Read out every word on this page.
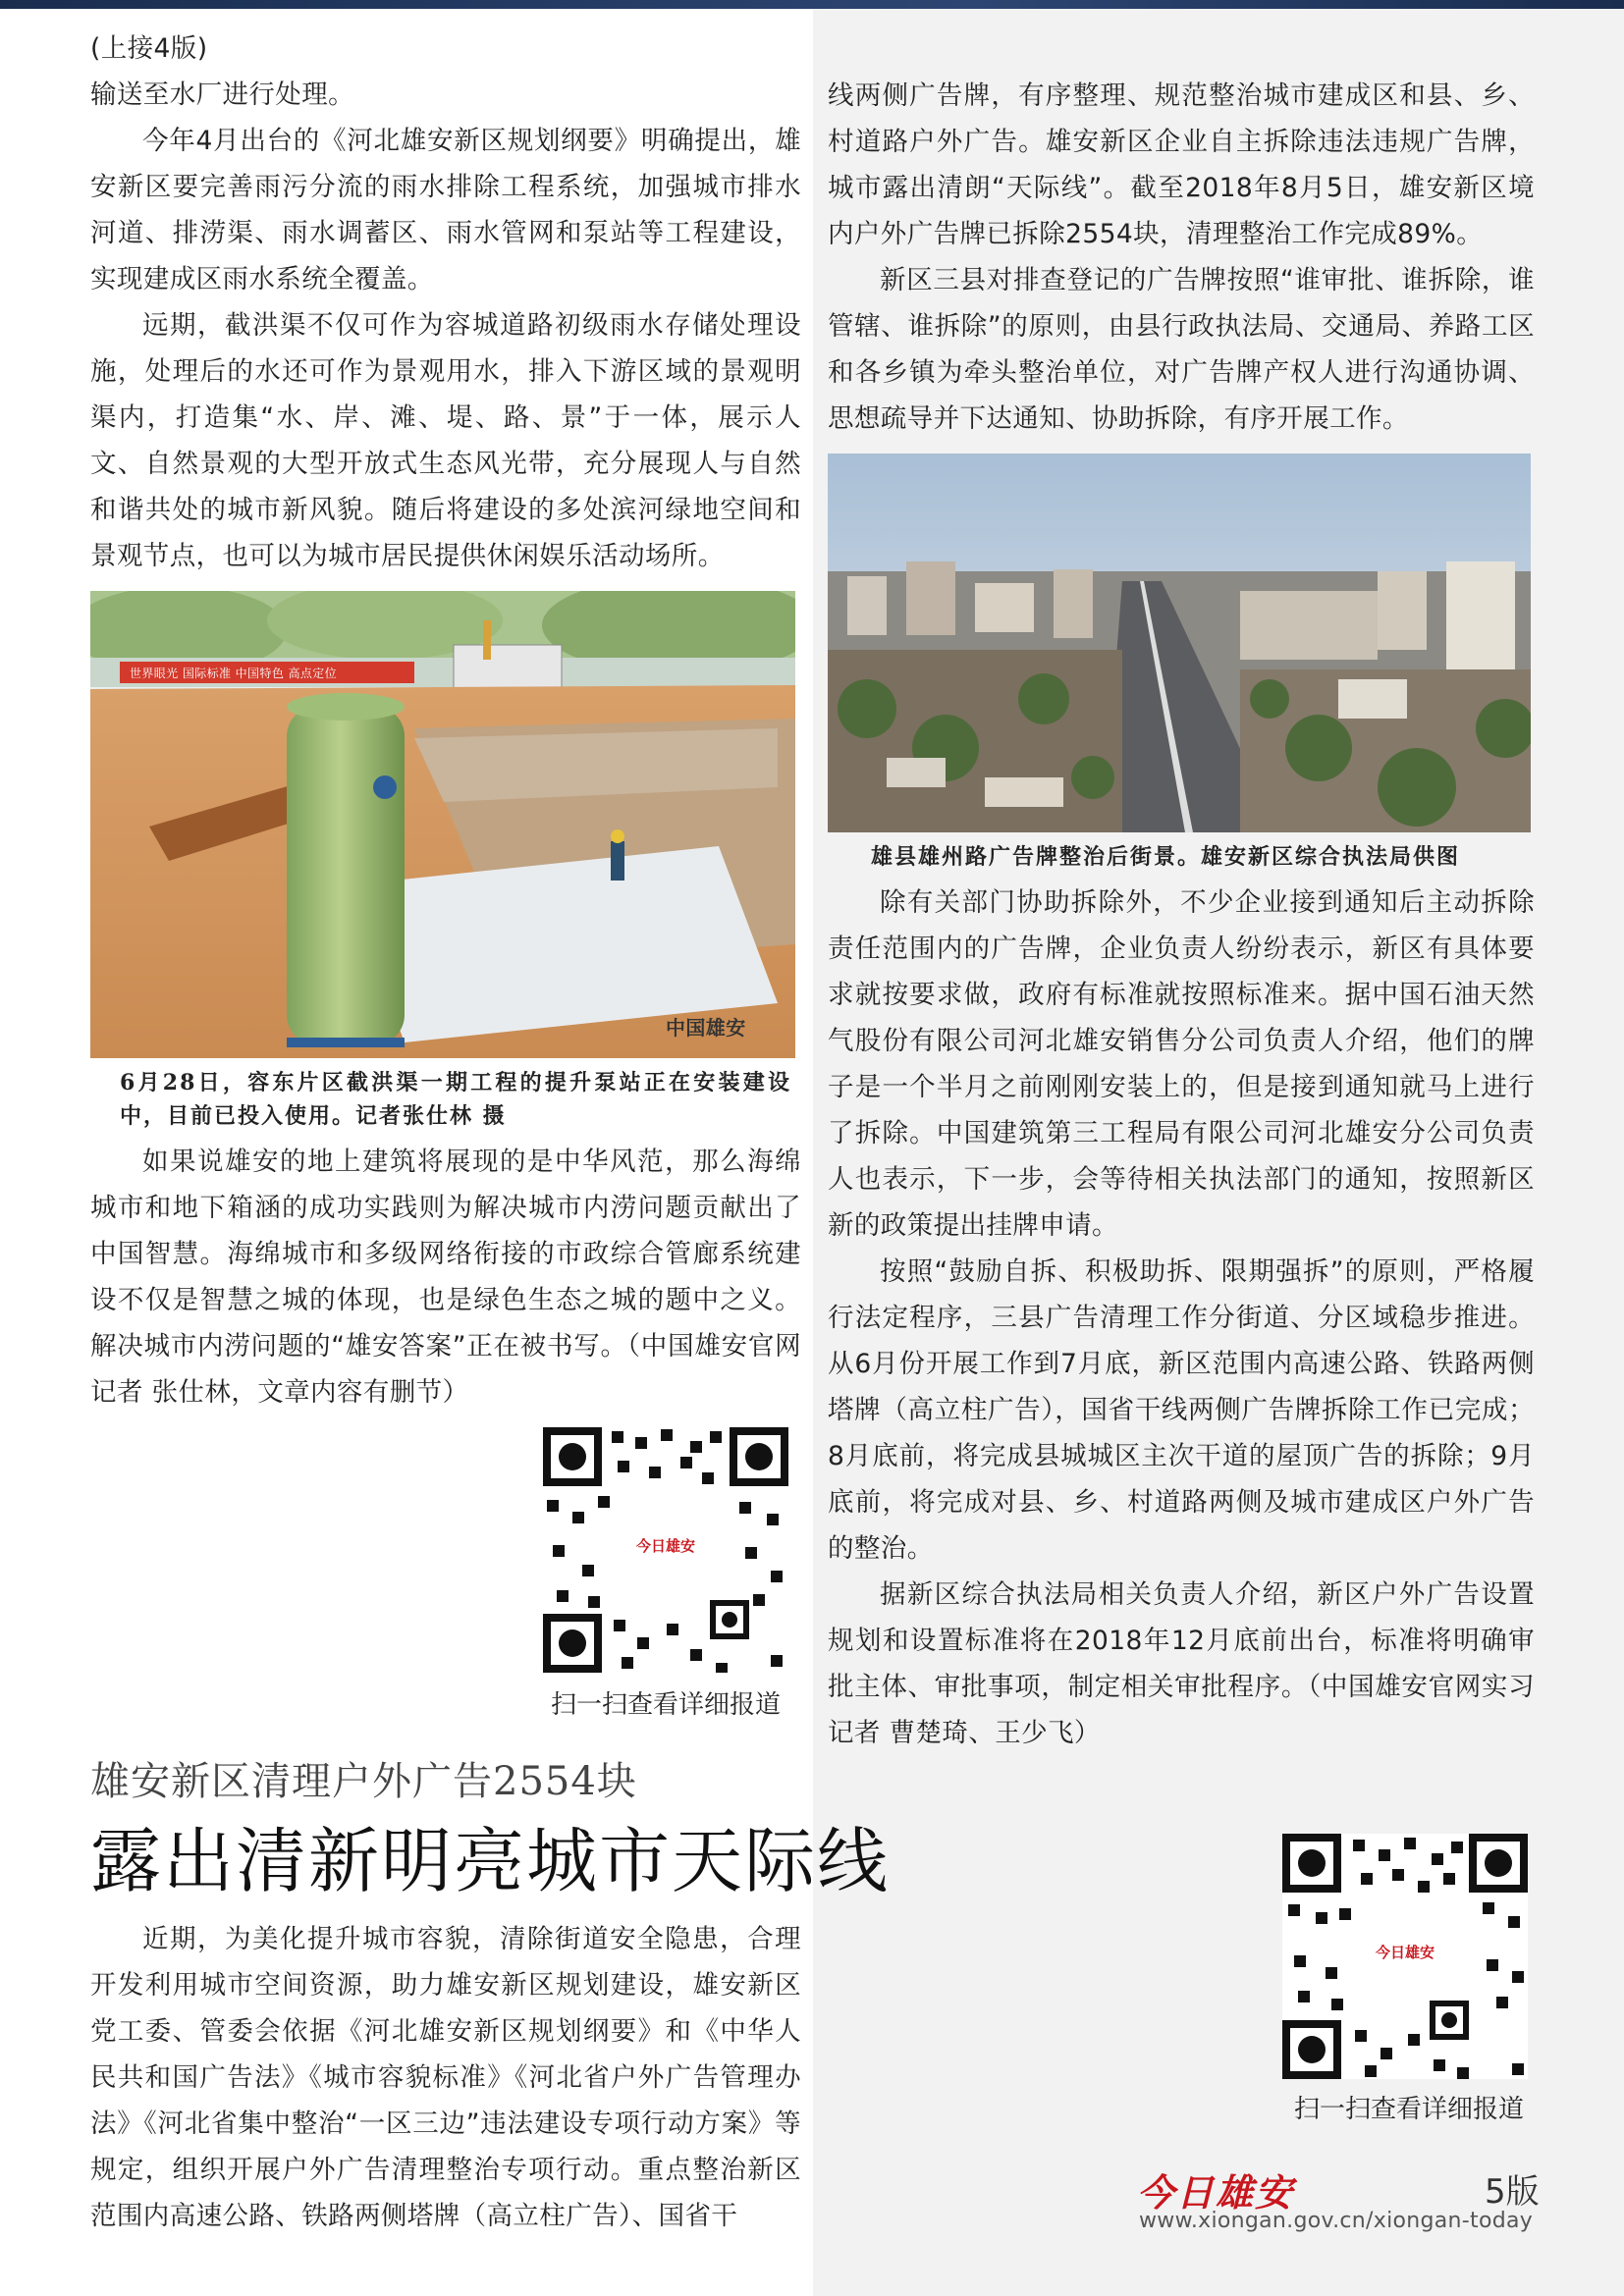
(上接4版)

输送至水厂进行处理。

今年4月出台的《河北雄安新区规划纲要》明确提出，雄安新区要完善雨污分流的雨水排除工程系统，加强城市排水河道、排涝渠、雨水调蓄区、雨水管网和泵站等工程建设，实现建成区雨水系统全覆盖。

远期，截洪渠不仅可作为容城道路初级雨水存储处理设施，处理后的水还可作为景观用水，排入下游区域的景观明渠内，打造集“水、岸、滩、堤、路、景”于一体，展示人文、自然景观的大型开放式生态风光带，充分展现人与自然和谐共处的城市新风貌。随后将建设的多处滨河绿地空间和景观节点，也可以为城市居民提供休闲娱乐活动场所。

世界眼光 国际标准 中国特色 高点定位
中国雄安

6月28日，容东片区截洪渠一期工程的提升泵站正在安装建设中，目前已投入使用。记者张仕林 摄

如果说雄安的地上建筑将展现的是中华风范，那么海绵城市和地下箱涵的成功实践则为解决城市内涝问题贡献出了中国智慧。海绵城市和多级网络衔接的市政综合管廊系统建设不仅是智慧之城的体现，也是绿色生态之城的题中之义。解决城市内涝问题的“雄安答案”正在被书写。（中国雄安官网记者 张仕林，文章内容有删节）

今日雄安
扫一扫查看详细报道
雄安新区清理户外广告2554块
露出清新明亮城市天际线

近期，为美化提升城市容貌，清除街道安全隐患，合理开发利用城市空间资源，助力雄安新区规划建设，雄安新区党工委、管委会依据《河北雄安新区规划纲要》和《中华人民共和国广告法》《城市容貌标准》《河北省户外广告管理办法》《河北省集中整治“一区三边”违法建设专项行动方案》等规定，组织开展户外广告清理整治专项行动。重点整治新区范围内高速公路、铁路两侧塔牌（高立柱广告）、国省干

线两侧广告牌，有序整理、规范整治城市建成区和县、乡、村道路户外广告。雄安新区企业自主拆除违法违规广告牌，城市露出清朗“天际线”。截至2018年8月5日，雄安新区境内户外广告牌已拆除2554块，清理整治工作完成89%。

新区三县对排查登记的广告牌按照“谁审批、谁拆除，谁管辖、谁拆除”的原则，由县行政执法局、交通局、养路工区和各乡镇为牵头整治单位，对广告牌产权人进行沟通协调、思想疏导并下达通知、协助拆除，有序开展工作。

雄县雄州路广告牌整治后街景。雄安新区综合执法局供图

除有关部门协助拆除外，不少企业接到通知后主动拆除责任范围内的广告牌，企业负责人纷纷表示，新区有具体要求就按要求做，政府有标准就按照标准来。据中国石油天然气股份有限公司河北雄安销售分公司负责人介绍，他们的牌子是一个半月之前刚刚安装上的，但是接到通知就马上进行了拆除。中国建筑第三工程局有限公司河北雄安分公司负责人也表示，下一步，会等待相关执法部门的通知，按照新区新的政策提出挂牌申请。

按照“鼓励自拆、积极助拆、限期强拆”的原则，严格履行法定程序，三县广告清理工作分街道、分区域稳步推进。从6月份开展工作到7月底，新区范围内高速公路、铁路两侧塔牌（高立柱广告），国省干线两侧广告牌拆除工作已完成；8月底前，将完成县城城区主次干道的屋顶广告的拆除；9月底前，将完成对县、乡、村道路两侧及城市建成区户外广告的整治。

据新区综合执法局相关负责人介绍，新区户外广告设置规划和设置标准将在2018年12月底前出台，标准将明确审批主体、审批事项，制定相关审批程序。（中国雄安官网实习记者 曹楚琦、王少飞）

今日雄安
扫一扫查看详细报道
今日雄安	5版
www.xiongan.gov.cn/xiongan-today
